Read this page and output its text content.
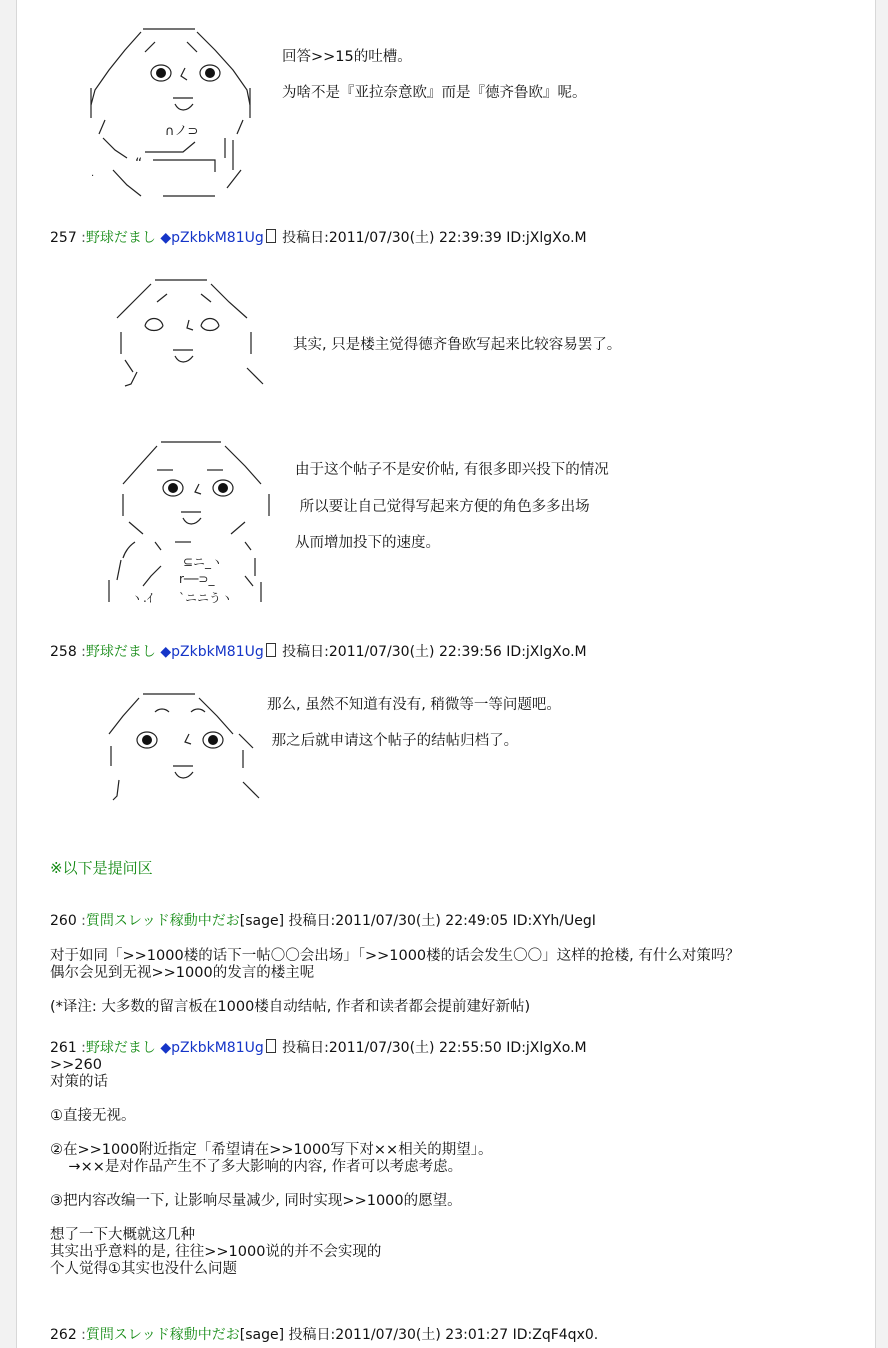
∩ノ⊃
“
.
回答>>15的吐槽。
为啥不是『亚拉奈意欧』而是『德齐鲁欧』呢。
257 :野球だまし ◆pZkbkM81Ug 投稿日:2011/07/30(土) 22:39:39 ID:jXlgXo.M
其实, 只是楼主觉得德齐鲁欧写起来比较容易罢了。
⊆ニ_ヽ
r──⊃_
ヽ.ｲ `ニニうヽ
由于这个帖子不是安价帖, 有很多即兴投下的情况
所以要让自己觉得写起来方便的角色多多出场
从而增加投下的速度。
258 :野球だまし ◆pZkbkM81Ug 投稿日:2011/07/30(土) 22:39:56 ID:jXlgXo.M
那么, 虽然不知道有没有, 稍微等一等问题吧。
那之后就申请这个帖子的结帖归档了。
※以下是提问区
260 :質問スレッド稼動中だお[sage] 投稿日:2011/07/30(土) 22:49:05 ID:XYh/UegI
对于如同「>>1000楼的话下一帖〇〇会出场」「>>1000楼的话会发生〇〇」这样的抢楼, 有什么对策吗？
偶尔会见到无视>>1000的发言的楼主呢
(*译注: 大多数的留言板在1000楼自动结帖, 作者和读者都会提前建好新帖)
261 :野球だまし ◆pZkbkM81Ug 投稿日:2011/07/30(土) 22:55:50 ID:jXlgXo.M
>>260
对策的话
①直接无视。
②在>>1000附近指定「希望请在>>1000写下对××相关的期望」。
→××是对作品产生不了多大影响的内容, 作者可以考虑考虑。
③把内容改编一下, 让影响尽量减少, 同时实现>>1000的愿望。
想了一下大概就这几种
其实出乎意料的是, 往往>>1000说的并不会实现的
个人觉得①其实也没什么问题
262 :質問スレッド稼動中だお[sage] 投稿日:2011/07/30(土) 23:01:27 ID:ZqF4qx0.
